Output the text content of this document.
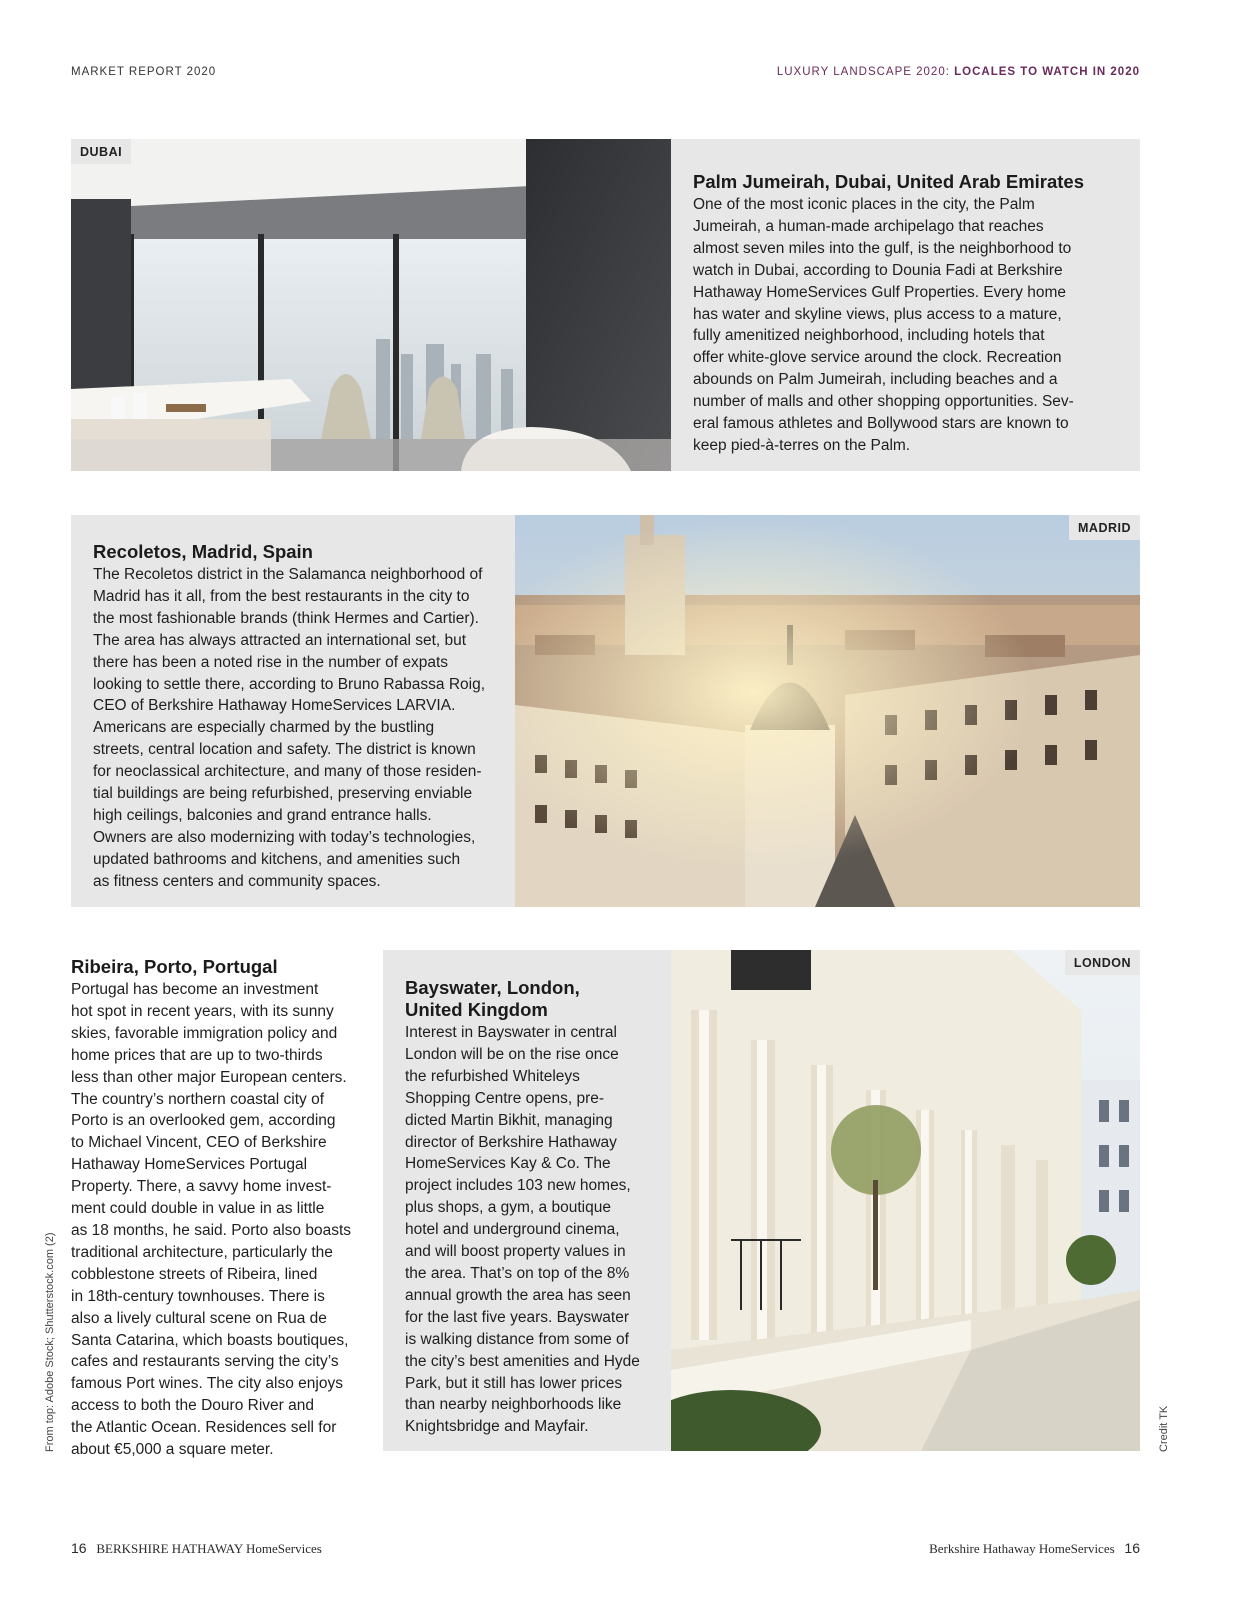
MARKET REPORT 2020	LUXURY LANDSCAPE 2020: LOCALES TO WATCH IN 2020
DUBAI
Palm Jumeirah, Dubai, United Arab Emirates
One of the most iconic places in the city, the Palm
Jumeirah, a human-made archipelago that reaches
almost seven miles into the gulf, is the neighborhood to
watch in Dubai, according to Dounia Fadi at Berkshire
Hathaway HomeServices Gulf Properties. Every home
has water and skyline views, plus access to a mature,
fully amenitized neighborhood, including hotels that
offer white-glove service around the clock. Recreation
abounds on Palm Jumeirah, including beaches and a
number of malls and other shopping opportunities. Sev-
eral famous athletes and Bollywood stars are known to
keep pied-à-terres on the Palm.
MADRID
Recoletos, Madrid, Spain
The Recoletos district in the Salamanca neighborhood of
Madrid has it all, from the best restaurants in the city to
the most fashionable brands (think Hermes and Cartier).
The area has always attracted an international set, but
there has been a noted rise in the number of expats
looking to settle there, according to Bruno Rabassa Roig,
CEO of Berkshire Hathaway HomeServices LARVIA.
Americans are especially charmed by the bustling
streets, central location and safety. The district is known
for neoclassical architecture, and many of those residen-
tial buildings are being refurbished, preserving enviable
high ceilings, balconies and grand entrance halls.
Owners are also modernizing with today’s technologies,
updated bathrooms and kitchens, and amenities such
as fitness centers and community spaces.
Ribeira, Porto, Portugal
Portugal has become an investment
hot spot in recent years, with its sunny
skies, favorable immigration policy and
home prices that are up to two-thirds
less than other major European centers.
The country’s northern coastal city of
Porto is an overlooked gem, according
to Michael Vincent, CEO of Berkshire
Hathaway HomeServices Portugal
Property. There, a savvy home invest-
ment could double in value in as little
as 18 months, he said. Porto also boasts
traditional architecture, particularly the
cobblestone streets of Ribeira, lined
in 18th-century townhouses. There is
also a lively cultural scene on Rua de
Santa Catarina, which boasts boutiques,
cafes and restaurants serving the city’s
famous Port wines. The city also enjoys
access to both the Douro River and
the Atlantic Ocean. Residences sell for
about €5,000 a square meter.
LONDON
Bayswater, London,
United Kingdom
Interest in Bayswater in central
London will be on the rise once
the refurbished Whiteleys
Shopping Centre opens, pre-
dicted Martin Bikhit, managing
director of Berkshire Hathaway
HomeServices Kay & Co. The
project includes 103 new homes,
plus shops, a gym, a boutique
hotel and underground cinema,
and will boost property values in
the area. That’s on top of the 8%
annual growth the area has seen
for the last five years. Bayswater
is walking distance from some of
the city’s best amenities and Hyde
Park, but it still has lower prices
than nearby neighborhoods like
Knightsbridge and Mayfair.
From top: Adobe Stock; Shutterstock.com (2)	Credit TK
16 BERKSHIRE HATHAWAY HomeServices	Berkshire Hathaway HomeServices 16
